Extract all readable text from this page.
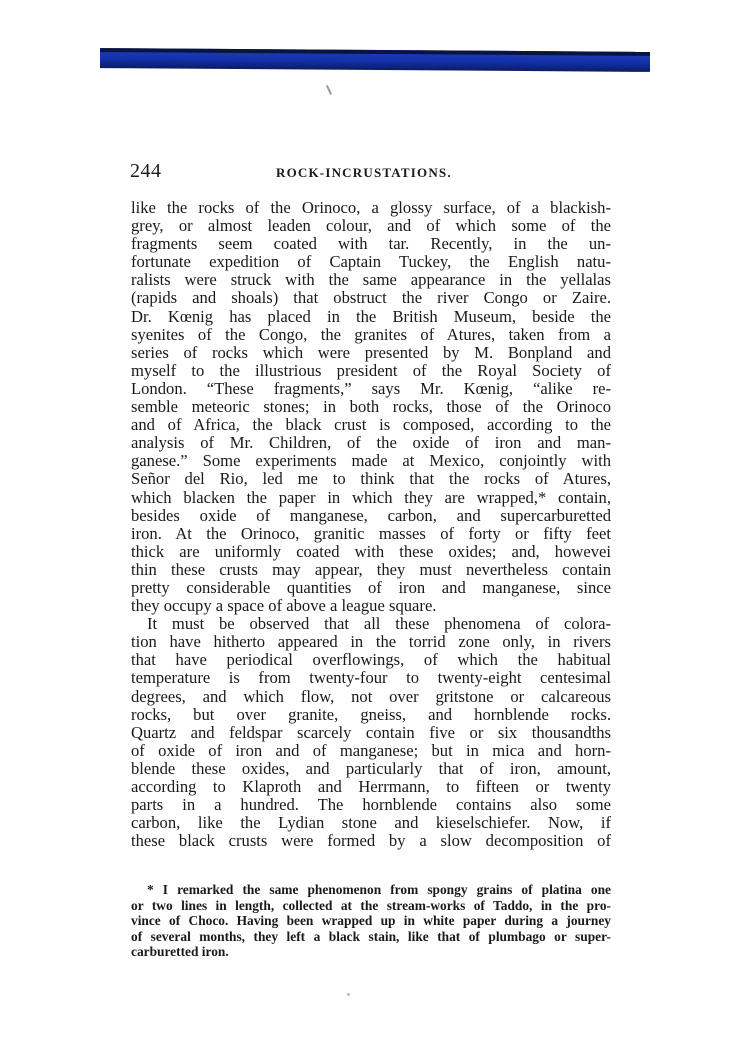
244	ROCK-INCRUSTATIONS.
like the rocks of the Orinoco, a glossy surface, of a blackish-
grey, or almost leaden colour, and of which some of the
fragments seem coated with tar. Recently, in the un-
fortunate expedition of Captain Tuckey, the English natu-
ralists were struck with the same appearance in the yellalas
(rapids and shoals) that obstruct the river Congo or Zaire.
Dr. Kœnig has placed in the British Museum, beside the
syenites of the Congo, the granites of Atures, taken from a
series of rocks which were presented by M. Bonpland and
myself to the illustrious president of the Royal Society of
London. “These fragments,” says Mr. Kœnig, “alike re-
semble meteoric stones; in both rocks, those of the Orinoco
and of Africa, the black crust is composed, according to the
analysis of Mr. Children, of the oxide of iron and man-
ganese.” Some experiments made at Mexico, conjointly with
Señor del Rio, led me to think that the rocks of Atures,
which blacken the paper in which they are wrapped,* contain,
besides oxide of manganese, carbon, and supercarburetted
iron. At the Orinoco, granitic masses of forty or fifty feet
thick are uniformly coated with these oxides; and, howevei
thin these crusts may appear, they must nevertheless contain
pretty considerable quantities of iron and manganese, since
they occupy a space of above a league square.
It must be observed that all these phenomena of colora-
tion have hitherto appeared in the torrid zone only, in rivers
that have periodical overflowings, of which the habitual
temperature is from twenty-four to twenty-eight centesimal
degrees, and which flow, not over gritstone or calcareous
rocks, but over granite, gneiss, and hornblende rocks.
Quartz and feldspar scarcely contain five or six thousandths
of oxide of iron and of manganese; but in mica and horn-
blende these oxides, and particularly that of iron, amount,
according to Klaproth and Herrmann, to fifteen or twenty
parts in a hundred. The hornblende contains also some
carbon, like the Lydian stone and kieselschiefer. Now, if
these black crusts were formed by a slow decomposition of
* I remarked the same phenomenon from spongy grains of platina one
or two lines in length, collected at the stream-works of Taddo, in the pro-
vince of Choco. Having been wrapped up in white paper during a journey
of several months, they left a black stain, like that of plumbago or super-
carburetted iron.
